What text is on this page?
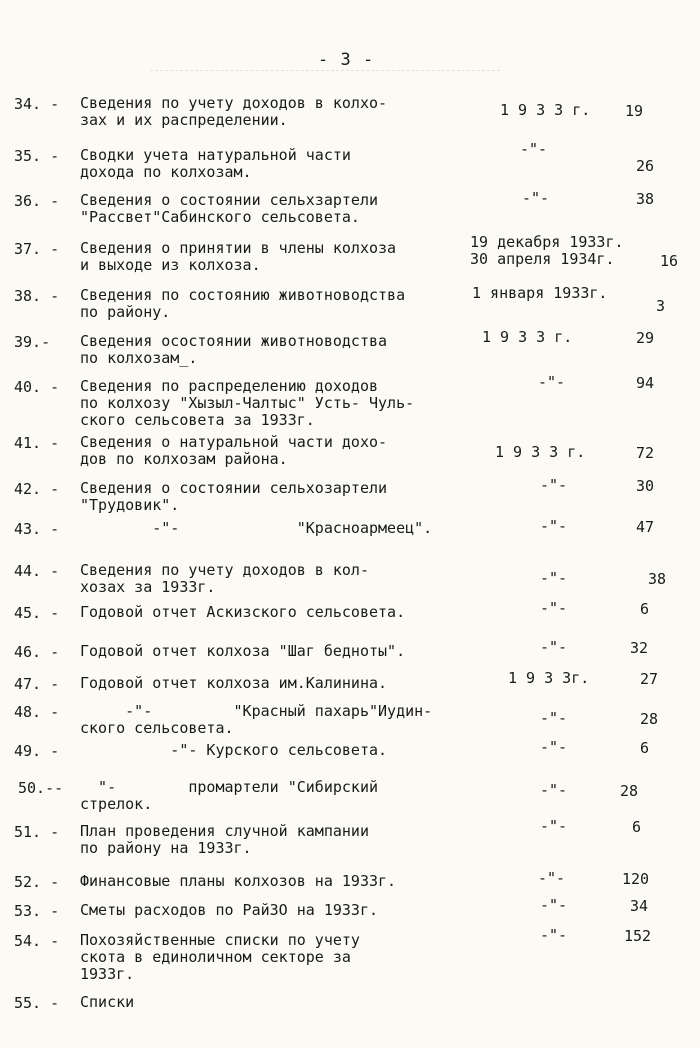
- 3 -
34. - Сведения по учету доходов в колхо-
зах и их распределении.
1 9 3 3 г. 19
35. - Сводки учета натуральной части
дохода по колхозам.
-"-
26
36. - Сведения о состоянии сельхзартели
"Рассвет"Сабинского сельсовета.
-"-	38
37. - Сведения о принятии в члены колхоза
и выходе из колхоза.
19 декабря 1933г.
30 апреля 1934г.	16
38. - Сведения по состоянию животноводства
по району.
1 января 1933г.
3
39.- Сведения осостоянии животноводства
по колхозам_.
1 9 3 3 г.	29
40. - Сведения по распределению доходов
по колхозу "Хызыл-Чалтыс" Усть- Чуль-
ского сельсовета за 1933г.
-"-	94
41. - Сведения о натуральной части дохо-
дов по колхозам района.	1 9 3 3 г.	72
42. - Сведения о состоянии сельхозартели
"Трудовик".
-"-	30
43. - -"-             "Красноармеец".	-"-	47
44. - Сведения по учету доходов в кол-
хозах за 1933г.	-"-	38
45. - Годовой отчет Аскизского сельсовета.	-"-	6
46. - Годовой отчет колхоза "Шаг бедноты".	-"-	32
47. - Годовой отчет колхоза им.Калинина.	1 9 3 3г.	27
48. -	-"-         "Красный пахарь"Иудин-
ского сельсовета.
-"-	28
49. - -"- Курского сельсовета.	-"-	6
50.--	"-        промартели "Сибирский
стрелок.
-"-	28
51. - План проведения случной кампании
по району на 1933г.
-"-	6
52. - Финансовые планы колхозов на 1933г.	-"-	120
53. - Сметы расходов по РайЗО на 1933г.	-"-	34
54. - Похозяйственные списки по учету
скота в единоличном секторе за
1933г.
-"-	152
55. - Списки
